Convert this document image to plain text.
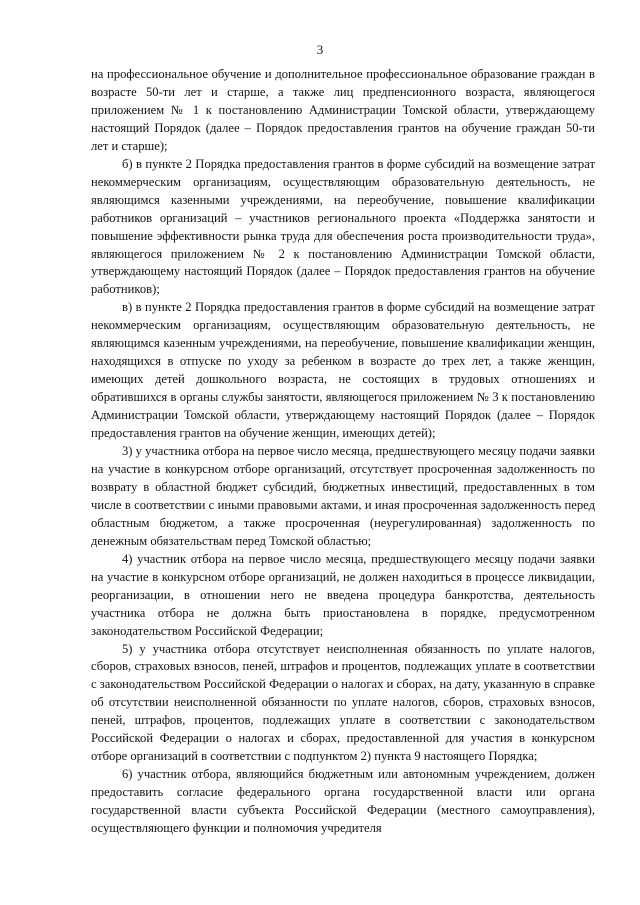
3

на профессиональное обучение и дополнительное профессиональное образование граждан в возрасте 50-ти лет и старше, а также лиц предпенсионного возраста, являющегося приложением № 1 к постановлению Администрации Томской области, утверждающему настоящий Порядок (далее – Порядок предоставления грантов на обучение граждан 50-ти лет и старше);

б) в пункте 2 Порядка предоставления грантов в форме субсидий на возмещение затрат некоммерческим организациям, осуществляющим образовательную деятельность, не являющимся казенными учреждениями, на переобучение, повышение квалификации работников организаций – участников регионального проекта «Поддержка занятости и повышение эффективности рынка труда для обеспечения роста производительности труда», являющегося приложением № 2 к постановлению Администрации Томской области, утверждающему настоящий Порядок (далее – Порядок предоставления грантов на обучение работников);

в) в пункте 2 Порядка предоставления грантов в форме субсидий на возмещение затрат некоммерческим организациям, осуществляющим образовательную деятельность, не являющимся казенным учреждениями, на переобучение, повышение квалификации женщин, находящихся в отпуске по уходу за ребенком в возрасте до трех лет, а также женщин, имеющих детей дошкольного возраста, не состоящих в трудовых отношениях и обратившихся в органы службы занятости, являющегося приложением № 3 к постановлению Администрации Томской области, утверждающему настоящий Порядок (далее – Порядок предоставления грантов на обучение женщин, имеющих детей);

3) у участника отбора на первое число месяца, предшествующего месяцу подачи заявки на участие в конкурсном отборе организаций, отсутствует просроченная задолженность по возврату в областной бюджет субсидий, бюджетных инвестиций, предоставленных в том числе в соответствии с иными правовыми актами, и иная просроченная задолженность перед областным бюджетом, а также просроченная (неурегулированная) задолженность по денежным обязательствам перед Томской областью;

4) участник отбора на первое число месяца, предшествующего месяцу подачи заявки на участие в конкурсном отборе организаций, не должен находиться в процессе ликвидации, реорганизации, в отношении него не введена процедура банкротства, деятельность участника отбора не должна быть приостановлена в порядке, предусмотренном законодательством Российской Федерации;

5) у участника отбора отсутствует неисполненная обязанность по уплате налогов, сборов, страховых взносов, пеней, штрафов и процентов, подлежащих уплате в соответствии с законодательством Российской Федерации о налогах и сборах, на дату, указанную в справке об отсутствии неисполненной обязанности по уплате налогов, сборов, страховых взносов, пеней, штрафов, процентов, подлежащих уплате в соответствии с законодательством Российской Федерации о налогах и сборах, предоставленной для участия в конкурсном отборе организаций в соответствии с подпунктом 2) пункта 9 настоящего Порядка;

6) участник отбора, являющийся бюджетным или автономным учреждением, должен предоставить согласие федерального органа государственной власти или органа государственной власти субъекта Российской Федерации (местного самоуправления), осуществляющего функции и полномочия учредителя
